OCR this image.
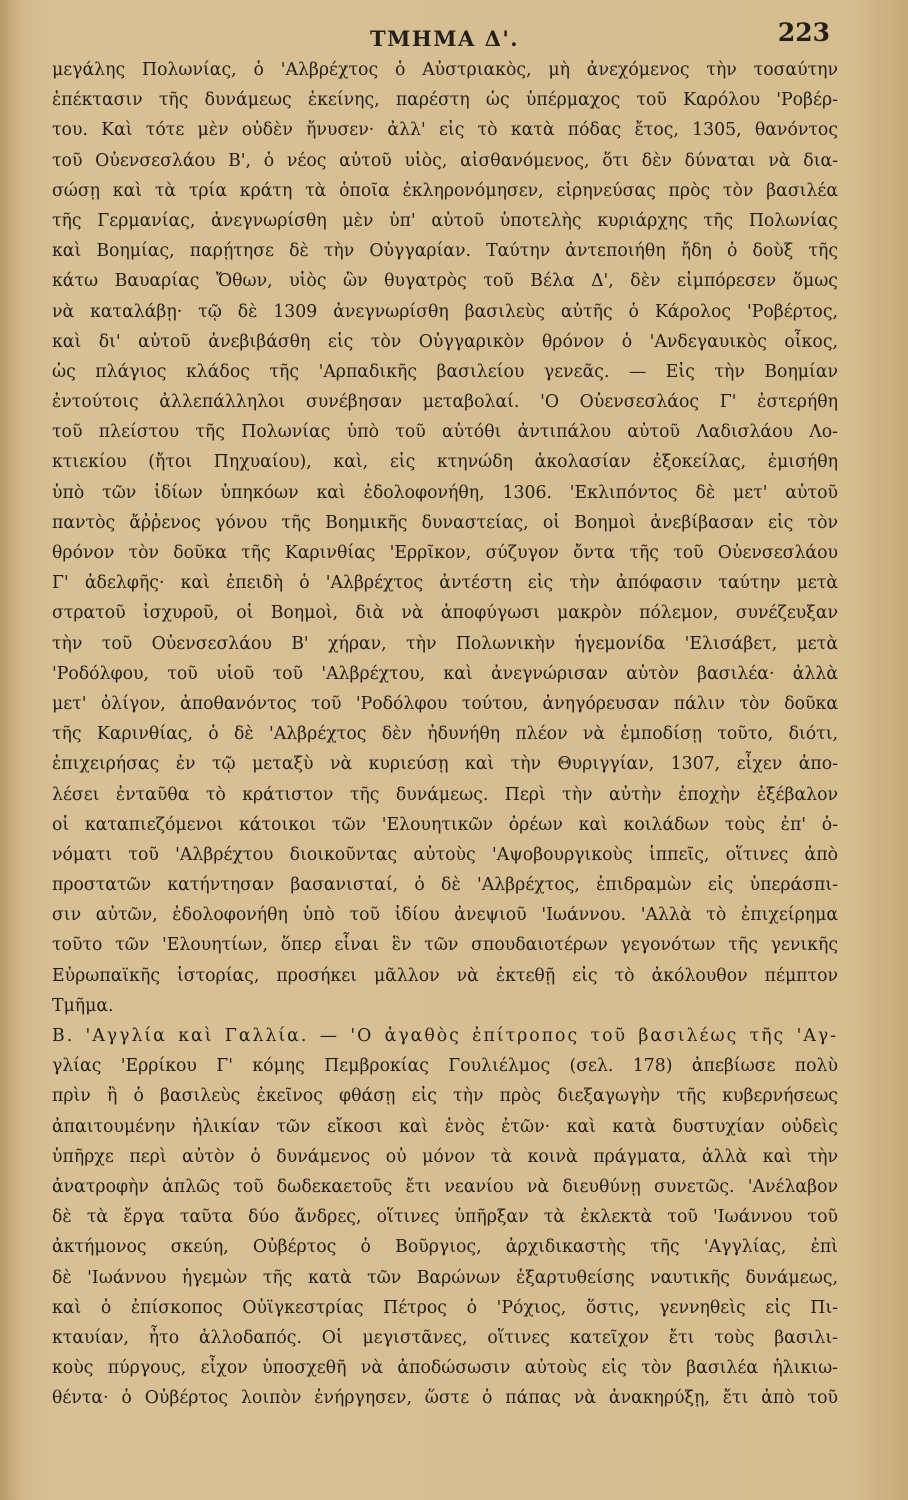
ΤΜΗΜΑ Δ'.	223
μεγάλης Πολωνίας, ὁ 'Αλβρέχτος ὁ Αὐστριακὸς, μὴ ἀνεχόμενος τὴν τοσαύτην
ἐπέκτασιν τῆς δυνάμεως ἐκείνης, παρέστη ὡς ὑπέρμαχος τοῦ Καρόλου 'Ροβέρ-
του. Καὶ τότε μὲν οὐδὲν ἤνυσεν· ἀλλ' εἰς τὸ κατὰ πόδας ἔτος, 1305, θανόντος
τοῦ Οὐενσεσλάου Β', ὁ νέος αὐτοῦ υἱὸς, αἰσθανόμενος, ὅτι δὲν δύναται νὰ δια-
σώσῃ καὶ τὰ τρία κράτη τὰ ὁποῖα ἐκληρονόμησεν, εἰρηνεύσας πρὸς τὸν βασιλέα
τῆς Γερμανίας, ἀνεγνωρίσθη μὲν ὑπ' αὐτοῦ ὑποτελὴς κυριάρχης τῆς Πολωνίας
καὶ Βοημίας, παρῄτησε δὲ τὴν Οὐγγαρίαν. Ταύτην ἀντεποιήθη ἤδη ὁ δοὺξ τῆς
κάτω Βαυαρίας Ὄθων, υἱὸς ὢν θυγατρὸς τοῦ Βέλα Δ', δὲν εἰμπόρεσεν ὅμως
νὰ καταλάβῃ· τῷ δὲ 1309 ἀνεγνωρίσθη βασιλεὺς αὐτῆς ὁ Κάρολος 'Ροβέρτος,
καὶ δι' αὐτοῦ ἀνεβιβάσθη εἰς τὸν Οὐγγαρικὸν θρόνον ὁ 'Ανδεγαυικὸς οἶκος,
ὡς πλάγιος κλάδος τῆς 'Αρπαδικῆς βασιλείου γενεᾶς. — Εἰς τὴν Βοημίαν
ἐντούτοις ἀλλεπάλληλοι συνέβησαν μεταβολαί. 'Ο Οὐενσεσλάος Γ' ἐστερήθη
τοῦ πλείστου τῆς Πολωνίας ὑπὸ τοῦ αὐτόθι ἀντιπάλου αὐτοῦ Λαδισλάου Λο-
κτιεκίου (ἤτοι Πηχυαίου), καὶ, εἰς κτηνώδη ἀκολασίαν ἐξοκείλας, ἐμισήθη
ὑπὸ τῶν ἰδίων ὑπηκόων καὶ ἐδολοφονήθη, 1306. 'Εκλιπόντος δὲ μετ' αὐτοῦ
παντὸς ἄῤῥενος γόνου τῆς Βοημικῆς δυναστείας, οἱ Βοημοὶ ἀνεβίβασαν εἰς τὸν
θρόνον τὸν δοῦκα τῆς Καρινθίας 'Ερρῖκον, σύζυγον ὄντα τῆς τοῦ Οὐενσεσλάου
Γ' ἀδελφῆς· καὶ ἐπειδὴ ὁ 'Αλβρέχτος ἀντέστη εἰς τὴν ἀπόφασιν ταύτην μετὰ
στρατοῦ ἰσχυροῦ, οἱ Βοημοὶ, διὰ νὰ ἀποφύγωσι μακρὸν πόλεμον, συνέζευξαν
τὴν τοῦ Οὐενσεσλάου Β' χήραν, τὴν Πολωνικὴν ἡγεμονίδα 'Ελισάβετ, μετὰ
'Ροδόλφου, τοῦ υἱοῦ τοῦ 'Αλβρέχτου, καὶ ἀνεγνώρισαν αὐτὸν βασιλέα· ἀλλὰ
μετ' ὀλίγον, ἀποθανόντος τοῦ 'Ροδόλφου τούτου, ἀνηγόρευσαν πάλιν τὸν δοῦκα
τῆς Καρινθίας, ὁ δὲ 'Αλβρέχτος δὲν ἠδυνήθη πλέον νὰ ἐμποδίσῃ τοῦτο, διότι,
ἐπιχειρήσας ἐν τῷ μεταξὺ νὰ κυριεύσῃ καὶ τὴν Θυριγγίαν, 1307, εἶχεν ἀπο-
λέσει ἐνταῦθα τὸ κράτιστον τῆς δυνάμεως. Περὶ τὴν αὐτὴν ἐποχὴν ἐξέβαλον
οἱ καταπιεζόμενοι κάτοικοι τῶν 'Ελουητικῶν ὀρέων καὶ κοιλάδων τοὺς ἐπ' ὀ-
νόματι τοῦ 'Αλβρέχτου διοικοῦντας αὐτοὺς 'Αψοβουργικοὺς ἱππεῖς, οἵτινες ἀπὸ
προστατῶν κατήντησαν βασανισταί, ὁ δὲ 'Αλβρέχτος, ἐπιδραμὼν εἰς ὑπεράσπι-
σιν αὐτῶν, ἐδολοφονήθη ὑπὸ τοῦ ἰδίου ἀνεψιοῦ 'Ιωάννου. 'Αλλὰ τὸ ἐπιχείρημα
τοῦτο τῶν 'Ελουητίων, ὅπερ εἶναι ἓν τῶν σπουδαιοτέρων γεγονότων τῆς γενικῆς
Εὐρωπαϊκῆς ἱστορίας, προσήκει μᾶλλον νὰ ἐκτεθῇ εἰς τὸ ἀκόλουθον πέμπτον
Τμῆμα.
Β. 'Αγγλία καὶ Γαλλία. — 'Ο ἀγαθὸς ἐπίτροπος τοῦ βασιλέως τῆς 'Αγ-
γλίας 'Ερρίκου Γ' κόμης Πεμβροκίας Γουλιέλμος (σελ. 178) ἀπεβίωσε πολὺ
πρὶν ἢ ὁ βασιλεὺς ἐκεῖνος φθάσῃ εἰς τὴν πρὸς διεξαγωγὴν τῆς κυβερνήσεως
ἀπαιτουμένην ἡλικίαν τῶν εἴκοσι καὶ ἑνὸς ἐτῶν· καὶ κατὰ δυστυχίαν οὐδεὶς
ὑπῆρχε περὶ αὐτὸν ὁ δυνάμενος οὐ μόνον τὰ κοινὰ πράγματα, ἀλλὰ καὶ τὴν
ἀνατροφὴν ἁπλῶς τοῦ δωδεκαετοῦς ἔτι νεανίου νὰ διευθύνῃ συνετῶς. 'Ανέλαβον
δὲ τὰ ἔργα ταῦτα δύο ἄνδρες, οἵτινες ὑπῆρξαν τὰ ἐκλεκτὰ τοῦ 'Ιωάννου τοῦ
ἀκτήμονος σκεύη, Οὐβέρτος ὁ Βοῦργιος, ἀρχιδικαστὴς τῆς 'Αγγλίας, ἐπὶ
δὲ 'Ιωάννου ἡγεμὼν τῆς κατὰ τῶν Βαρώνων ἐξαρτυθείσης ναυτικῆς δυνάμεως,
καὶ ὁ ἐπίσκοπος Οὐϊγκεστρίας Πέτρος ὁ 'Ρόχιος, ὅστις, γεννηθεὶς εἰς Πι-
κταυίαν, ἦτο ἀλλοδαπός. Οἱ μεγιστᾶνες, οἵτινες κατεῖχον ἔτι τοὺς βασιλι-
κοὺς πύργους, εἶχον ὑποσχεθῆ νὰ ἀποδώσωσιν αὐτοὺς εἰς τὸν βασιλέα ἡλικιω-
θέντα· ὁ Οὐβέρτος λοιπὸν ἐνήργησεν, ὥστε ὁ πάπας νὰ ἀνακηρύξῃ, ἔτι ἀπὸ τοῦ
